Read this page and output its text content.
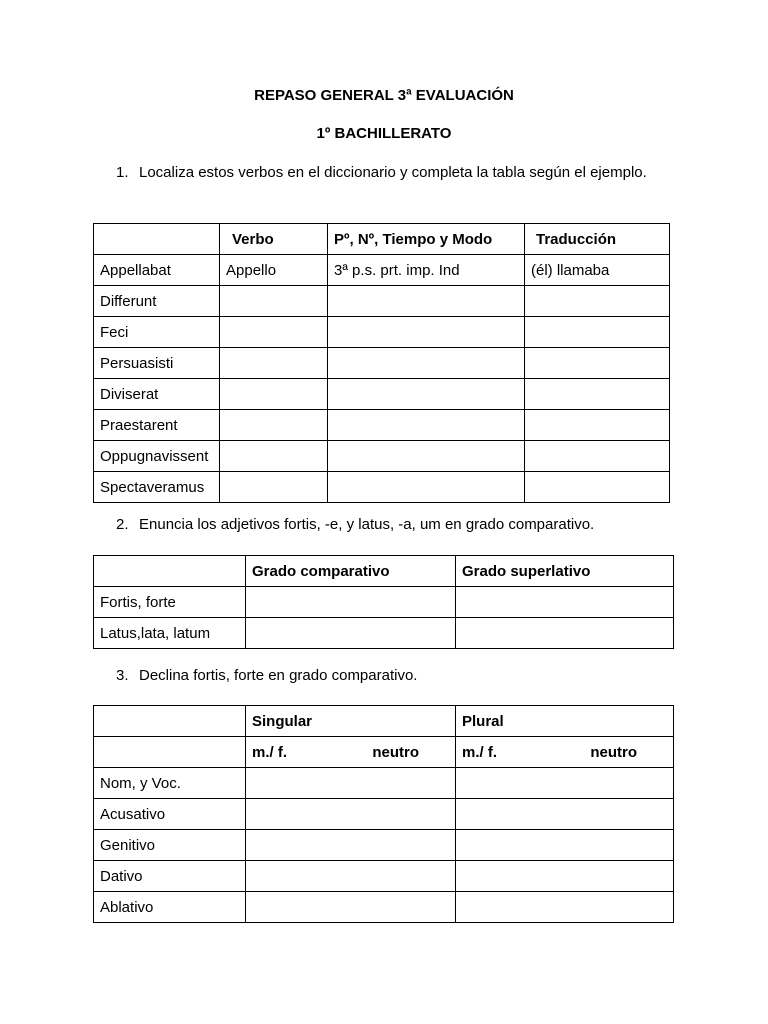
REPASO GENERAL 3ª EVALUACIÓN
1º BACHILLERATO
1. Localiza estos verbos en el diccionario y completa la tabla según el ejemplo.
	Verbo	Pº, Nº, Tiempo y Modo	Traducción
Appellabat	Appello	3ª p.s. prt. imp. Ind	(él) llamaba
Differunt			
Feci			
Persuasisti			
Diviserat			
Praestarent			
Oppugnavissent			
Spectaveramus			
2. Enuncia los adjetivos fortis, -e, y latus, -a, um en grado comparativo.
	Grado comparativo	Grado superlativo
Fortis, forte		
Latus,lata, latum		
3. Declina fortis, forte en grado comparativo.
	Singular	Plural

	m./ f. neutro	m./ f. neutro

Nom, y Voc.		
Acusativo		
Genitivo		
Dativo		
Ablativo		
